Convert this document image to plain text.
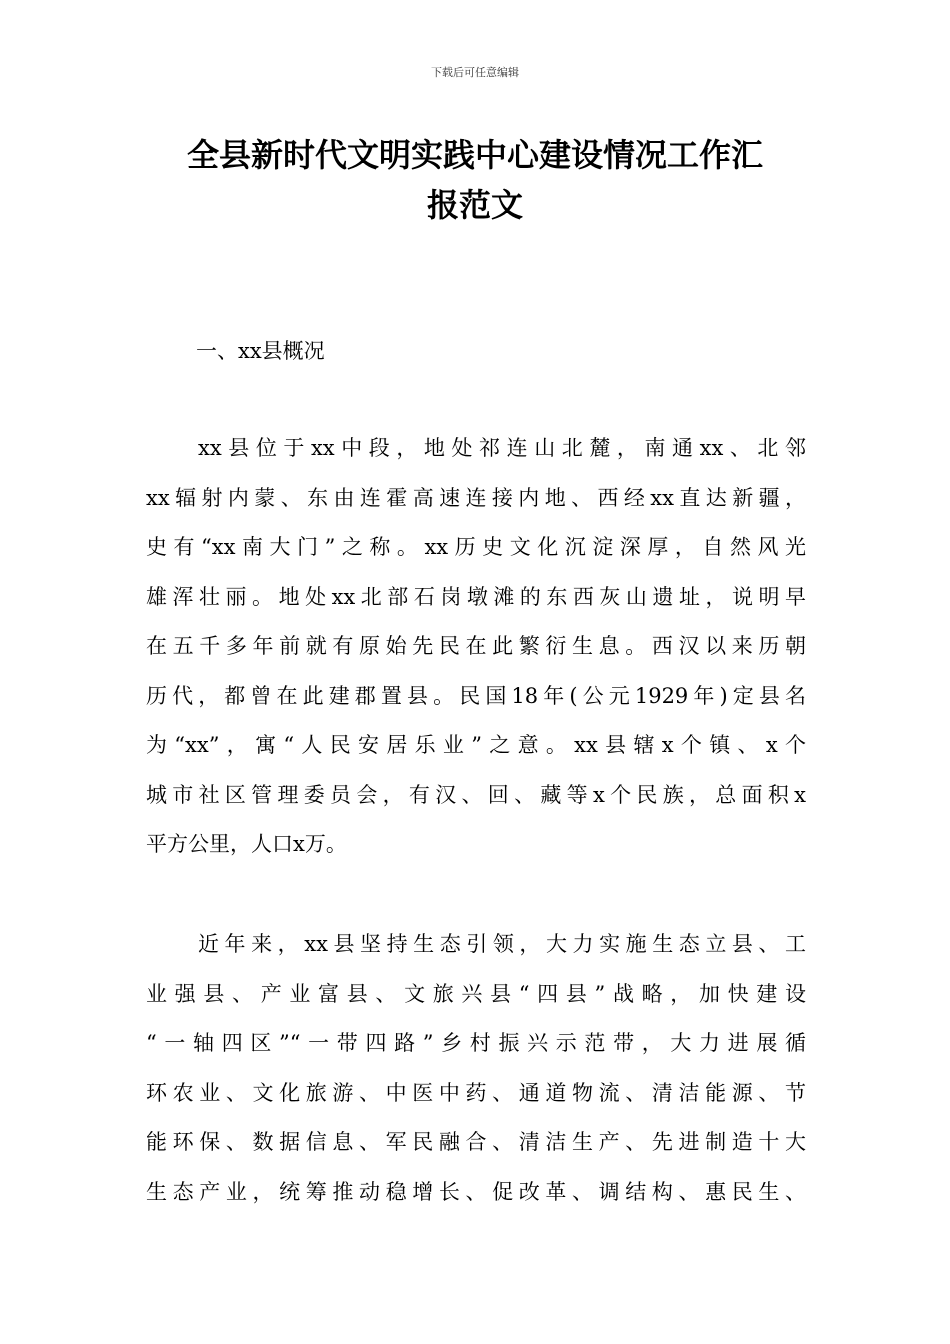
下载后可任意编辑
全县新时代文明实践中心建设情况工作汇
报范文
一、xx县概况
xx县位于xx中段，地处祁连山北麓，南通xx、北邻
xx辐射内蒙、东由连霍高速连接内地、西经xx直达新疆，
史有“xx南大门”之称。xx历史文化沉淀深厚，自然风光
雄浑壮丽。地处xx北部石岗墩滩的东西灰山遗址，说明早
在五千多年前就有原始先民在此繁衍生息。西汉以来历朝
历代，都曾在此建郡置县。民国18年(公元1929年)定县名
为“xx”，寓“人民安居乐业”之意。xx县辖x个镇、x个
城市社区管理委员会，有汉、回、藏等x个民族，总面积x
平方公里，人口x万。
近年来，xx县坚持生态引领，大力实施生态立县、工
业强县、产业富县、文旅兴县“四县”战略，加快建设
“一轴四区”“一带四路”乡村振兴示范带，大力进展循
环农业、文化旅游、中医中药、通道物流、清洁能源、节
能环保、数据信息、军民融合、清洁生产、先进制造十大
生态产业，统筹推动稳增长、促改革、调结构、惠民生、
